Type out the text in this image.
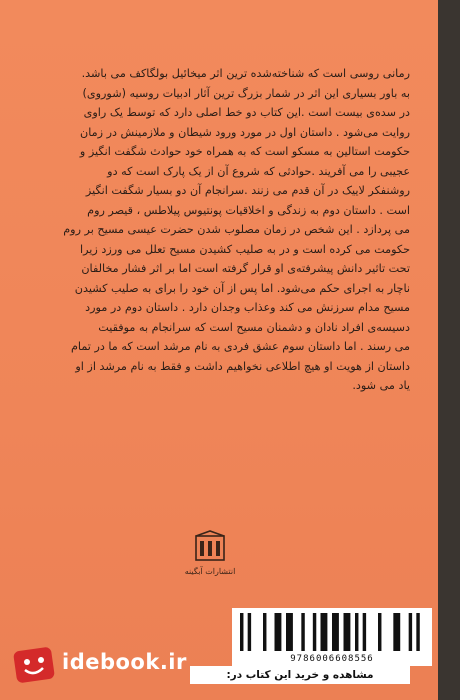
رمانی روسی است که شناخته‌شده ترین اثر میخائیل بولگاکف می باشد.
به باور بسیاری این اثر در شمار بزرگ ترین آثار ادبیات روسیه (شوروی)
در سده‌ی بیست است .این کتاب دو خط اصلی دارد که توسط یک راوی
روایت می‌شود . داستان اول در مورد ورود شیطان و ملازمینش در زمان
حکومت استالین به مسکو است که به همراه خود حوادث شگفت انگیز و
عجیبی را می آفریند .حوادثی که شروع آن از یک پارک است که دو
روشنفکر لاییک در آن قدم می زنند .سرانجام آن دو بسیار شگفت انگیز
است . داستان دوم به زندگی و اخلاقیات پونتیوس پیلاطس ، قیصر روم
می پردازد . این شخص در زمان مصلوب شدن حضرت عیسی مسیح بر روم
حکومت می کرده است و در به صلیب کشیدن مسیح تعلل می ورزد زیرا
تحت تاثیر دانش پیشرفته‌ی او قرار گرفته است اما بر اثر فشار مخالفان
ناچار به اجرای حکم می‌شود. اما پس از آن خود را برای به صلیب کشیدن
مسیح مدام سرزنش می کند وعذاب وجدان دارد . داستان دوم در مورد
دسیسه‌ی افراد نادان و دشمنان مسیح است که سرانجام به موفقیت
می رسند . اما داستان سوم عشق فردی به نام مرشد است که ما در تمام
داستان از هویت او هیچ اطلاعی نخواهیم داشت و فقط به نام مرشد از او
یاد می شود.
انتشارات آبگینه
9786006608556
idebook.ir
مشاهده و خرید این کتاب در:
